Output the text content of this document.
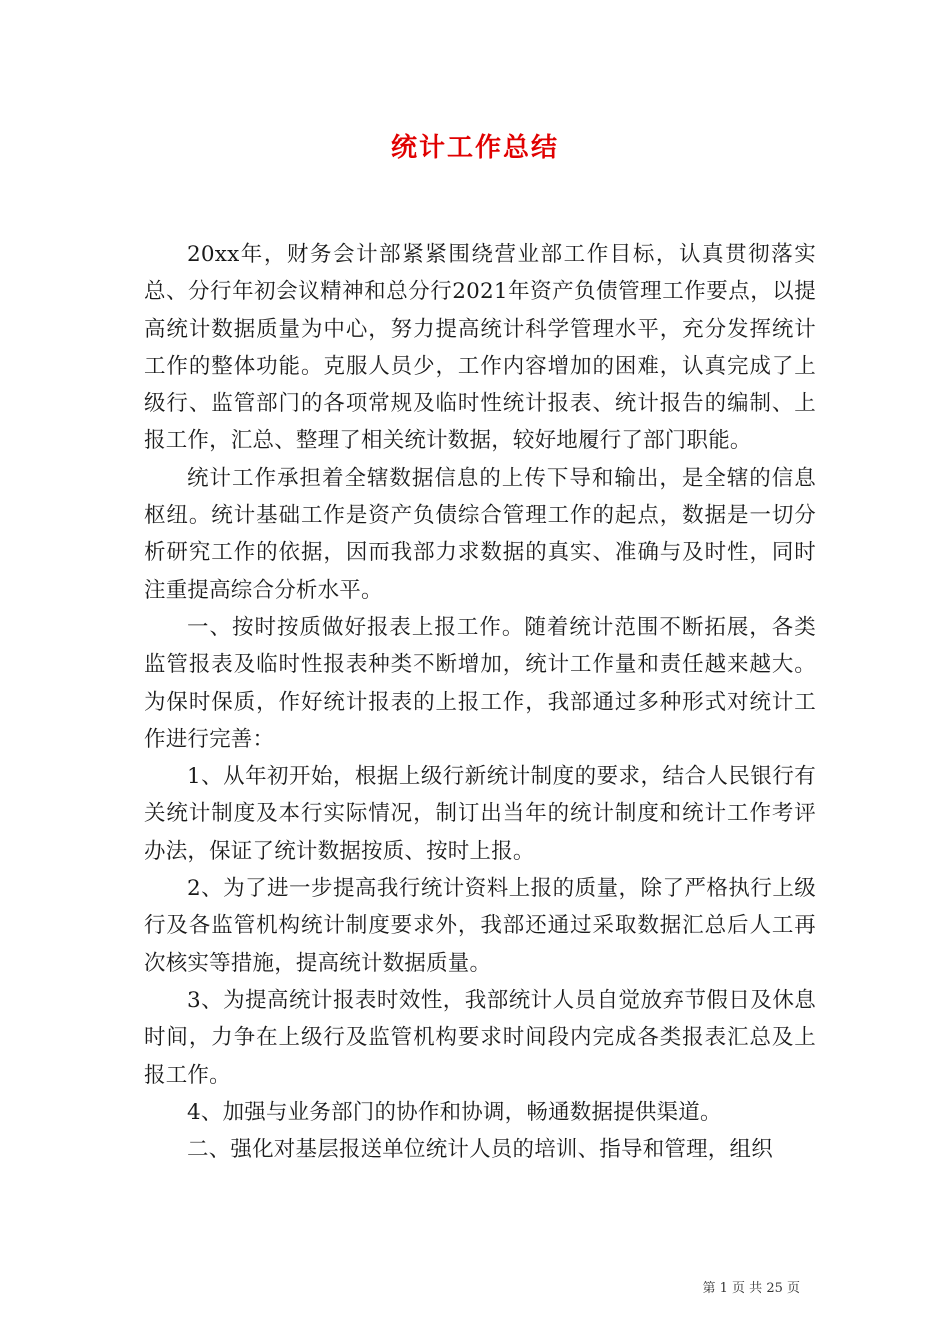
统计工作总结

20xx年，财务会计部紧紧围绕营业部工作目标，认真贯彻落实总、分行年初会议精神和总分行2021年资产负债管理工作要点，以提高统计数据质量为中心，努力提高统计科学管理水平，充分发挥统计工作的整体功能。克服人员少，工作内容增加的困难，认真完成了上级行、监管部门的各项常规及临时性统计报表、统计报告的编制、上报工作，汇总、整理了相关统计数据，较好地履行了部门职能。

统计工作承担着全辖数据信息的上传下导和输出，是全辖的信息枢纽。统计基础工作是资产负债综合管理工作的起点，数据是一切分析研究工作的依据，因而我部力求数据的真实、准确与及时性，同时注重提高综合分析水平。

一、按时按质做好报表上报工作。随着统计范围不断拓展，各类监管报表及临时性报表种类不断增加，统计工作量和责任越来越大。为保时保质，作好统计报表的上报工作，我部通过多种形式对统计工作进行完善：

1、从年初开始，根据上级行新统计制度的要求，结合人民银行有关统计制度及本行实际情况，制订出当年的统计制度和统计工作考评办法，保证了统计数据按质、按时上报。

2、为了进一步提高我行统计资料上报的质量，除了严格执行上级行及各监管机构统计制度要求外，我部还通过采取数据汇总后人工再次核实等措施，提高统计数据质量。

3、为提高统计报表时效性，我部统计人员自觉放弃节假日及休息时间，力争在上级行及监管机构要求时间段内完成各类报表汇总及上报工作。

4、加强与业务部门的协作和协调，畅通数据提供渠道。

二、强化对基层报送单位统计人员的培训、指导和管理，组织

第 1 页 共 25 页
